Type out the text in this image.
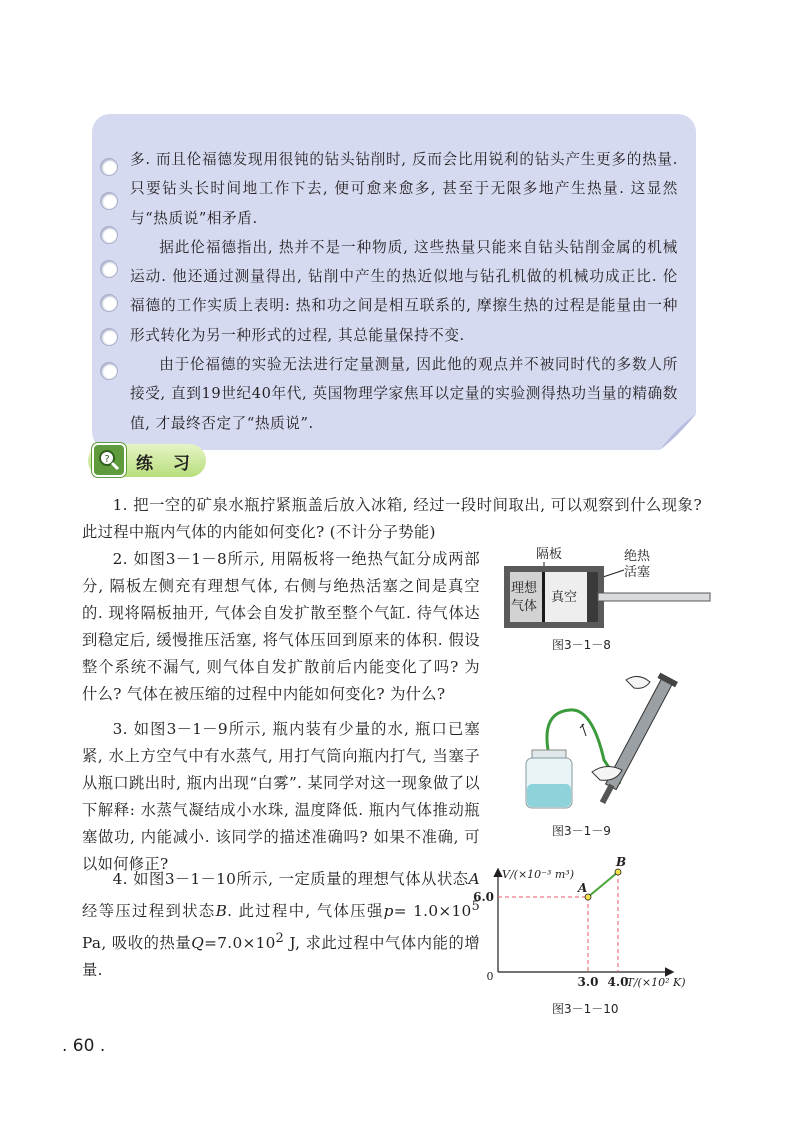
多. 而且伦福德发现用很钝的钻头钻削时, 反而会比用锐利的钻头产生更多的热量. 只要钻头长时间地工作下去, 便可愈来愈多, 甚至于无限多地产生热量. 这显然与“热质说”相矛盾.

据此伦福德指出, 热并不是一种物质, 这些热量只能来自钻头钻削金属的机械运动. 他还通过测量得出, 钻削中产生的热近似地与钻孔机做的机械功成正比. 伦福德的工作实质上表明: 热和功之间是相互联系的, 摩擦生热的过程是能量由一种形式转化为另一种形式的过程, 其总能量保持不变.

由于伦福德的实验无法进行定量测量, 因此他的观点并不被同时代的多数人所接受, 直到19世纪40年代, 英国物理学家焦耳以定量的实验测得热功当量的精确数值, 才最终否定了“热质说”.

? 练 习

1. 把一空的矿泉水瓶拧紧瓶盖后放入冰箱, 经过一段时间取出, 可以观察到什么现象? 此过程中瓶内气体的内能如何变化? (不计分子势能)

2. 如图3－1－8所示, 用隔板将一绝热气缸分成两部分, 隔板左侧充有理想气体, 右侧与绝热活塞之间是真空的. 现将隔板抽开, 气体会自发扩散至整个气缸. 待气体达到稳定后, 缓慢推压活塞, 将气体压回到原来的体积. 假设整个系统不漏气, 则气体自发扩散前后内能变化了吗? 为什么? 气体在被压缩的过程中内能如何变化? 为什么?

3. 如图3－1－9所示, 瓶内装有少量的水, 瓶口已塞紧, 水上方空气中有水蒸气, 用打气筒向瓶内打气, 当塞子从瓶口跳出时, 瓶内出现“白雾”. 某同学对这一现象做了以下解释: 水蒸气凝结成小水珠, 温度降低. 瓶内气体推动瓶塞做功, 内能减小. 该同学的描述准确吗? 如果不准确, 可以如何修正?

4. 如图3－1－10所示, 一定质量的理想气体从状态A经等压过程到状态B. 此过程中, 气体压强$p= 1.0\times 10^5$ Pa, 吸收的热量$Q=7.0\times 10^2$ J, 求此过程中气体内能的增量.

隔板	绝热
活塞
理想
气体
真空
图3－1－8
图3－1－9
V/(×10⁻³ m³)
T/(×10² K)
0
6.0
3.0 4.0
A
B
图3－1－10
. 60 .
